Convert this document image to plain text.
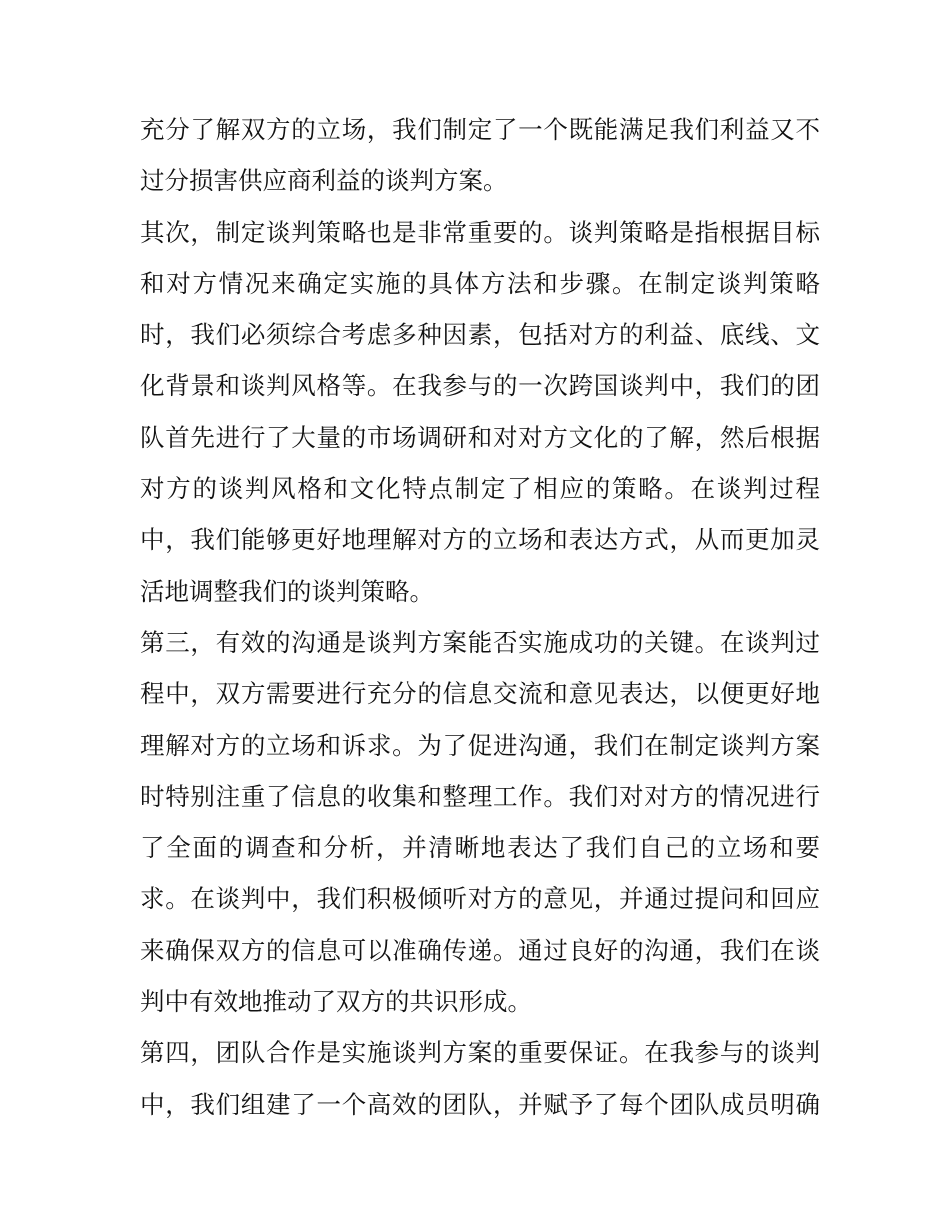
充分了解双方的立场，我们制定了一个既能满足我们利益又不
过分损害供应商利益的谈判方案。
其次，制定谈判策略也是非常重要的。谈判策略是指根据目标
和对方情况来确定实施的具体方法和步骤。在制定谈判策略
时，我们必须综合考虑多种因素，包括对方的利益、底线、文
化背景和谈判风格等。在我参与的一次跨国谈判中，我们的团
队首先进行了大量的市场调研和对对方文化的了解，然后根据
对方的谈判风格和文化特点制定了相应的策略。在谈判过程
中，我们能够更好地理解对方的立场和表达方式，从而更加灵
活地调整我们的谈判策略。
第三，有效的沟通是谈判方案能否实施成功的关键。在谈判过
程中，双方需要进行充分的信息交流和意见表达，以便更好地
理解对方的立场和诉求。为了促进沟通，我们在制定谈判方案
时特别注重了信息的收集和整理工作。我们对对方的情况进行
了全面的调查和分析，并清晰地表达了我们自己的立场和要
求。在谈判中，我们积极倾听对方的意见，并通过提问和回应
来确保双方的信息可以准确传递。通过良好的沟通，我们在谈
判中有效地推动了双方的共识形成。
第四，团队合作是实施谈判方案的重要保证。在我参与的谈判
中，我们组建了一个高效的团队，并赋予了每个团队成员明确
